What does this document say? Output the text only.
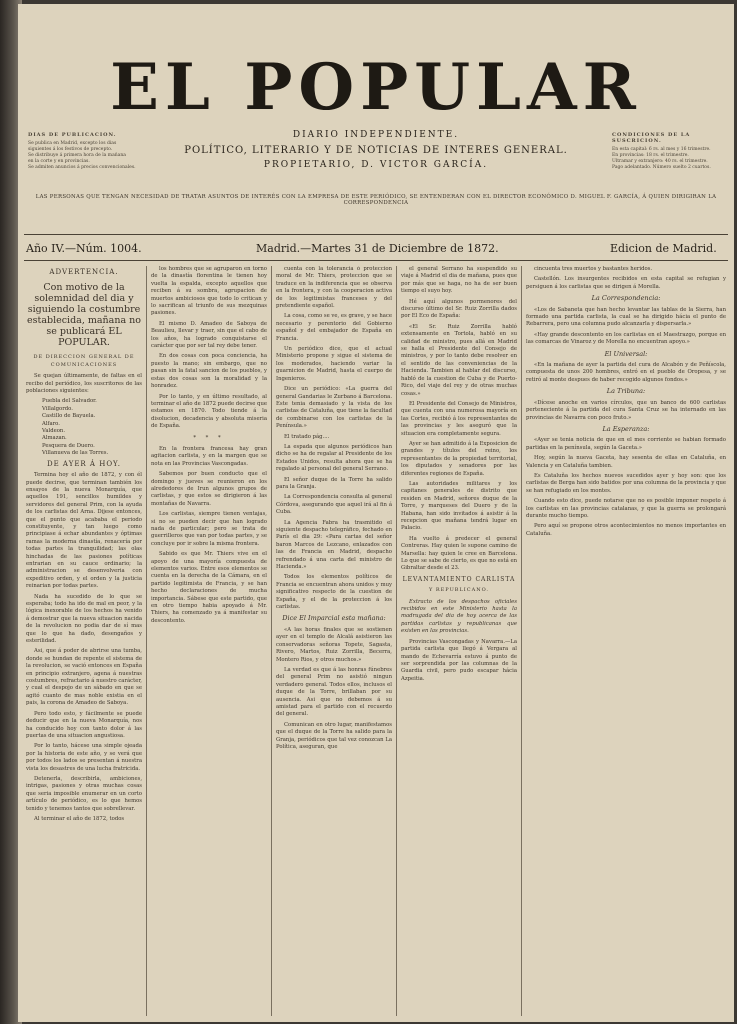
DIAS DE PUBLICACION.
Se publica en Madrid, excepto los dias
siguientes á los festivos de precepto.
Se distribuye á primera hora de la mañana
en la corte y en provincias.
Se admiten anuncios á precios convencionales.
EL POPULAR
DIARIO INDEPENDIENTE.
POLÍTICO, LITERARIO Y DE NOTICIAS DE INTERES GENERAL.
PROPIETARIO, D. VICTOR GARCÍA.
CONDICIONES DE LA SUSCRICION.
En esta capital: 6 rs. al mes y 16 trimestre.
En provincias: 18 rs. el trimestre.
Ultramar y extranjero: 40 rs. el trimestre.
Pago adelantado. Número suelto 2 cuartos.
LAS PERSONAS QUE TENGAN NECESIDAD DE TRATAR ASUNTOS DE INTERÉS CON LA EMPRESA DE ESTE PERIÓDICO, SE ENTENDERAN CON EL DIRECTOR ECONÓMICO D. MIGUEL F. GARCÍA, Á QUIEN DIRIGIRAN LA CORRESPONDENCIA
Año IV.—Núm. 1004.	Madrid.—Martes 31 de Diciembre de 1872.	Edicion de Madrid.
ADVERTENCIA.
Con motivo de la solemnidad del dia y siguiendo la costumbre establecida, mañana no se publicará EL POPULAR.
DE DIRECCION GENERAL DE COMUNICACIONES

Se quejan últimamente, de faltas en el recibo del periódico, los suscritores de las poblaciones siguientes:

Puebla del Salvador.
Villalgordo.
Castillo de Bayuela.
Alfaro.
Valdeon.
Almazan.
Pesquera de Duero.
Villanueva de las Torres.
DE AYER Á HOY.

Termina hoy el año de 1872, y con él puede decirse, que terminan también los ensayos de la nueva Monarquía, que aquellos 191, sencillos humildes y servidores del general Prim, con la ayuda de los carlistas del Arna. Dijese entonces, que el punto que acababa el periodo constituyente, y tan luego como principiase á echar abundantes y óptimas ramas la moderna dinastía, renacería por todas partes la tranquilidad; las olas hinchadas de las pasiones políticas entrarian en su cauce ordinario; la administracion se desenvolveria con expeditivo orden, y el orden y la justicia reinarian por todas partes.

Nada ha sucedido de lo que se esperaba; todo ha ido de mal en peor, y la lógica inexorable de los hechos ha venido á demostrar que la nueva situacion nacida de la revolucion no podia dar de sí mas que lo que ha dado, desengaños y esterilidad.

Asi, que á poder de abrirse una tumba, donde se hundan de repente el sistema de la revolucion, se vació entonces en España en principio extranjero, agena á nuestras costumbres, refractario á nuestro carácter, y cual el despojo de un sábado en que se agitó cuanto de mas noble existia en el pais, la corona de Amadeo de Saboya.

Pero todo esto, y fácilmente se puede deducir que en la nueva Monarquía, nos ha conducido hoy con tanto dolor á las puertas de una situacion angustiosa.

Por lo tanto, hácese una simple ojeada por la historia de este año, y se verá que por todos los lados se presentan á nuestra vista los desastres de una lucha fratricida.

Detenerla, describirla, ambiciones, intrigas, pasiones y otras muchas cosas que seria imposible enumerar en un corto artículo de periódico, es lo que hemos tenido y tenemos tantos que sobrellevar.

Al terminar el año de 1872, todos

los hombres que se agruparon en torno de la dinastía florentina le tienen hoy vuelta la espalda, excepto aquellos que reciben á su sombra, agrupacion de muertos ambiciosos que todo lo critican y lo sacrifican al triunfo de sus mezquinas pasiones.

El mismo D. Amadeo de Saboya de Beaulieu, llevar y traer, sin que el cabo de los años, ha logrado conquistarse el carácter que por ser tal rey debe tener.

En dos cosas con poca conciencia, ha puesto la mano; sin embargo, que no pasan sin la fatal sancion de los pueblos, y estas dos cosas son la moralidad y la honradez.

Por lo tanto, y en último resultado, al terminar el año de 1872 puede decirse que estamos en 1870. Todo tiende á la disolucion, decadencia y absoluta miseria de España.

* * *

En la frontera francesa hay gran agitacion carlista, y en la margen que se nota en las Provincias Vascongadas.

Sabemos por buen conducto que el domingo y jueves se reunieron en los alrededores de Irun algunos grupos de carlistas, y que estos se dirigieron á las montañas de Navarra.

Los carlistas, siempre tienen ventajas, si no se pueden decir que han logrado nada de particular; pero se trata de guerrilleros que van por todas partes, y se concluye por ir sobre la misma frontera.

Sabido es que Mr. Thiers vive en el apoyo de una mayoría compuesta de elementos varios. Entre esos elementos se cuenta en la derecha de la Cámara, en el partido legitimista de Francia, y se han hecho declaraciones de mucha importancia. Sábese que este partido, que en otro tiempo habia apoyado á Mr. Thiers, ha comenzado ya á manifestar su descontento.

cuenta con la tolerancia ó proteccion moral de Mr. Thiers, proteccion que se traduce en la indiferencia que se observa en la frontera, y con la cooperacion activa de los legitimistas franceses y del pretendiente español.

La cosa, como se ve, es grave, y se hace necesario y perentorio del Gobierno español y del embajador de España en Francia.

Un periódico dice, que el actual Ministerio propone y sigue el sistema de los moderados, haciendo variar la guarnicion de Madrid, hasta el cuerpo de Ingenieros.

Dice un periódico: «La guerra del general Gandarias le Zurbano á Barcelona. Este tenia demasiado y la vista de los carlistas de Cataluña, que tiene la facultad de combinarse con los carlistas de la Península.»

El tratado pág....

La espada que algunos periódicos han dicho se ha de regalar al Presidente de los Estados Unidos, resulta ahora que se ha regalado al personal del general Serrano.

El señor duque de la Torre ha salido para la Granja.

La Correspondencia consulta al general Córdova, asegurando que aquel irá al fin á Cuba.

La Agencia Fabra ha trasmitido el siguiente despacho telegráfico, fechado en París el dia 29: «Para cartas del señor baron Marcos de Lezcano, enlazados con las de Francia en Madrid, despacho refrendado á una carta del ministro de Hacienda.»

Todos los elementos políticos de Francia se encuentran ahora unidos y muy significativo respecto de la cuestion de España, y el de la proteccion á los carlistas.

Dice El Imparcial esta mañana:

«A las horas finales que se sostienen ayer en el templo de Alcalá asistieron las conservadoras señoras Topete, Sagasta, Rivero, Martos, Ruiz Zorrilla, Becerra, Montero Rios, y otros muchos.»

La verdad es que á las honras fúnebres del general Prim no asistió ningun verdadero general. Todos ellos, inclusos el duque de la Torre, brillaban por su ausencia. Asi que no debemos á su amistad para el partido con el recuerdo del general.

Comunican en otro lugar, manifestamos que el duque de la Torre ha salido para la Granja, periódicos que tal vez conozcan La Política, aseguran, que

el general Serrano ha suspendido su viaje á Madrid el dia de mañana, pues que por más que se haga, no ha de ser buen tiempo el suyo hoy.

Hé aquí algunos pormenores del discurso último del Sr. Ruiz Zorrilla dados por El Eco de España:

«El Sr. Ruiz Zorrilla habló extensamente en Tortola, habló en su calidad de ministro, pues allá en Madrid se halla el Presidente del Consejo de ministros, y por lo tanto debe resolver en el sentido de las conveniencias de la Hacienda. Tambien al hablar del discurso, habló de la cuestion de Cuba y de Puerto-Rico, del viaje del rey y de otras muchas cosas.»

El Presidente del Consejo de Ministros, que cuenta con una numerosa mayoría en las Cortes, recibió á los representantes de las provincias y les aseguró que la situacion era completamente segura.

Ayer se han admitido á la Exposicion de grandes y títulos del reino, los representantes de la propiedad territorial, los diputados y senadores por las diferentes regiones de España.

Las autoridades militares y los capitanes generales de distrito que residen en Madrid, señores duque de la Torre, y marqueses del Duero y de la Habana, han sido invitados á asistir á la recepcion que mañana tendrá lugar en Palacio.

Ha vuelto á predecer el general Contreras. Hay quien le supone camino de Marsella: hay quien le cree en Barcelona. Lo que se sabe de cierto, es que no está en Gibraltar desde el 23.

LEVANTAMIENTO CARLISTA
Y REPUBLICANO.

Extracto de los despachos oficiales recibidos en este Ministerio hasta la madrugada del dia de hoy acerca de las partidas carlistas y republicanas que existen en las provincias.

Provincias Vascongadas y Navarra.—La partida carlista que llegó á Vergara al mando de Echevarría estuvo á punto de ser sorprendida por las columnas de la Guardia civil, pero pudo escapar hácia Azpeitia.

cincuenta tres muertos y bastantes heridos.

Castellón. Los insurgentes recibidos en esta capital se refugian y persiguen á los carlistas que se dirigen á Morella.

La Correspondencia:

«Los de Sabaneta que han hecho levantar las tablas de la Sierra, han formado una partida carlista, la cual se ha dirigido hácia el punto de Rebarrera, pero una columna pudo alcanzarla y dispersarla.»

«Hay grande descontento en los carlistas en el Maestrazgo, porque en las comarcas de Vinaroz y de Morella no encuentran apoyo.»

El Universal:

«En la mañana de ayer la partida del cura de Alcabón y de Peñíscola, compuesta de unos 200 hombres, entró en el pueblo de Oropesa, y se retiró al monte despues de haber recogido algunos fondos.»

La Tribuna:

«Dícese anoche en varios círculos, que un banco de 600 carlistas perteneciente á la partida del cura Santa Cruz se ha internado en las provincias de Navarra con poco fruto.»

La Esperanza:

«Ayer se tenia noticia de que en el mes corriente se habian formado partidas en la península, según la Gaceta.»

Hoy, según la nueva Gaceta, hay sesenta de ellas en Cataluña, en Valencia y en Cataluña tambien.

Es Cataluña los hechos nuevos sucedidos ayer y hoy son: que los carlistas de Berga han sido batidos por una columna de la provincia y que se han refugiado en los montes.

Cuando esto dice, puede notarse que no es posible imponer respeto á los carlistas en las provincias catalanas, y que la guerra se prolongará durante mucho tiempo.

Pero aquí se propone otros acontecimientos no menos importantes en Cataluña.
